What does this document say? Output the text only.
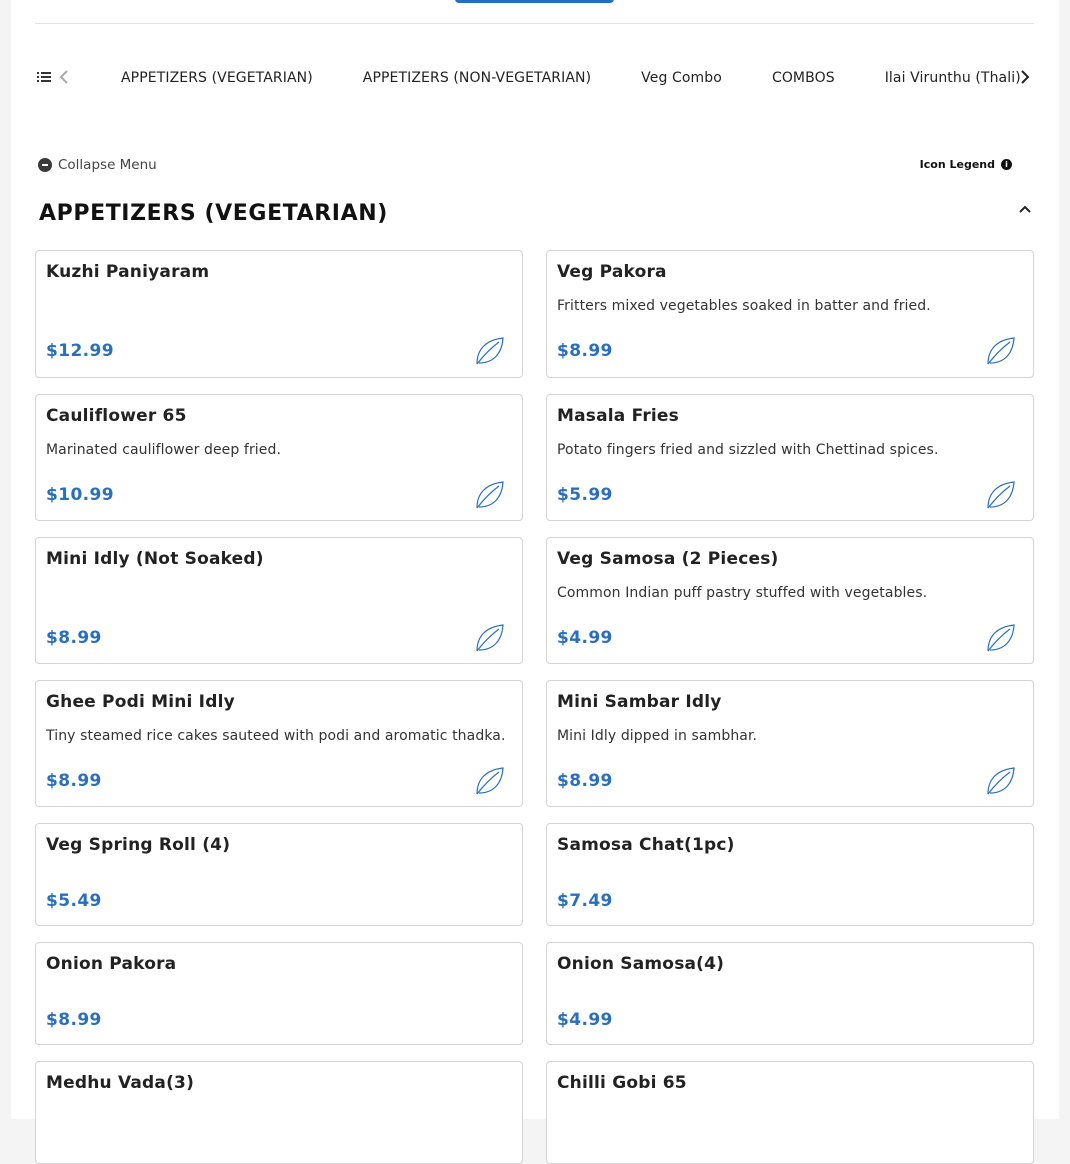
APPETIZERS (VEGETARIAN)	APPETIZERS (NON-VEGETARIAN)	Veg Combo	COMBOS	Ilai Virunthu (Thali)
Collapse Menu	Icon Legend	i
APPETIZERS (VEGETARIAN)
Kuzhi Paniyaram
$12.99
Veg Pakora
Fritters mixed vegetables soaked in batter and fried.
$8.99
Cauliflower 65
Marinated cauliflower deep fried.
$10.99
Masala Fries
Potato fingers fried and sizzled with Chettinad spices.
$5.99
Mini Idly (Not Soaked)
$8.99
Veg Samosa (2 Pieces)
Common Indian puff pastry stuffed with vegetables.
$4.99
Ghee Podi Mini Idly
Tiny steamed rice cakes sauteed with podi and aromatic thadka.
$8.99
Mini Sambar Idly
Mini Idly dipped in sambhar.
$8.99
Veg Spring Roll (4)
$5.49
Samosa Chat(1pc)
$7.49
Onion Pakora
$8.99
Onion Samosa(4)
$4.99
Medhu Vada(3)	Chilli Gobi 65
